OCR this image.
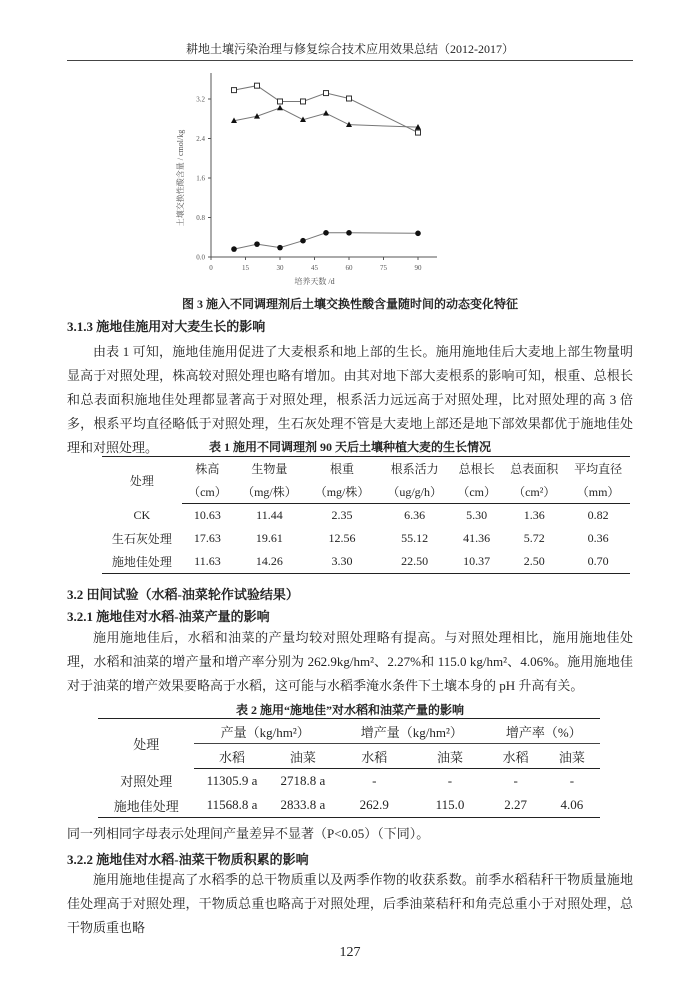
耕地土壤污染治理与修复综合技术应用效果总结（2012-2017）
0	15	30	45	60	75	90
0.0
0.8
1.6
2.4
3.2
培养天数 /d
土壤交换性酸含量 / cmol/kg
图 3 施入不同调理剂后土壤交换性酸含量随时间的动态变化特征
3.1.3 施地佳施用对大麦生长的影响
由表 1 可知，施地佳施用促进了大麦根系和地上部的生长。施用施地佳后大麦地上部生物量明显高于对照处理，株高较对照处理也略有增加。由其对地下部大麦根系的影响可知，根重、总根长和总表面积施地佳处理都显著高于对照处理，根系活力远远高于对照处理，比对照处理的高 3 倍多，根系平均直径略低于对照处理，生石灰处理不管是大麦地上部还是地下部效果都优于施地佳处理和对照处理。	表 1 施用不同调理剂 90 天后土壤种植大麦的生长情况
处理	株高	生物量	根重	根系活力	总根长	总表面积	平均直径
	（cm）	（mg/株）	（mg/株）	（ug/g/h）	（cm）	（cm²）	（mm）
CK	10.63	11.44	2.35	6.36	5.30	1.36	0.82
生石灰处理	17.63	19.61	12.56	55.12	41.36	5.72	0.36
施地佳处理	11.63	14.26	3.30	22.50	10.37	2.50	0.70
3.2 田间试验（水稻-油菜轮作试验结果）
3.2.1 施地佳对水稻-油菜产量的影响
施用施地佳后，水稻和油菜的产量均较对照处理略有提高。与对照处理相比，施用施地佳处理，水稻和油菜的增产量和增产率分别为 262.9kg/hm²、2.27%和 115.0 kg/hm²、4.06%。施用施地佳对于油菜的增产效果要略高于水稻，这可能与水稻季淹水条件下土壤本身的 pH 升高有关。
表 2 施用“施地佳”对水稻和油菜产量的影响
处理	产量（kg/hm²）		增产量（kg/hm²）		增产率（%）	
	水稻	油菜	水稻	油菜	水稻	油菜
对照处理	11305.9 a	2718.8 a	-	-	-	-
施地佳处理	11568.8 a	2833.8 a	262.9	115.0	2.27	4.06
同一列相同字母表示处理间产量差异不显著（P<0.05）（下同）。
3.2.2 施地佳对水稻-油菜干物质积累的影响
施用施地佳提高了水稻季的总干物质重以及两季作物的收获系数。前季水稻秸秆干物质量施地佳处理高于对照处理，干物质总重也略高于对照处理，后季油菜秸秆和角壳总重小于对照处理，总干物质重也略
127
